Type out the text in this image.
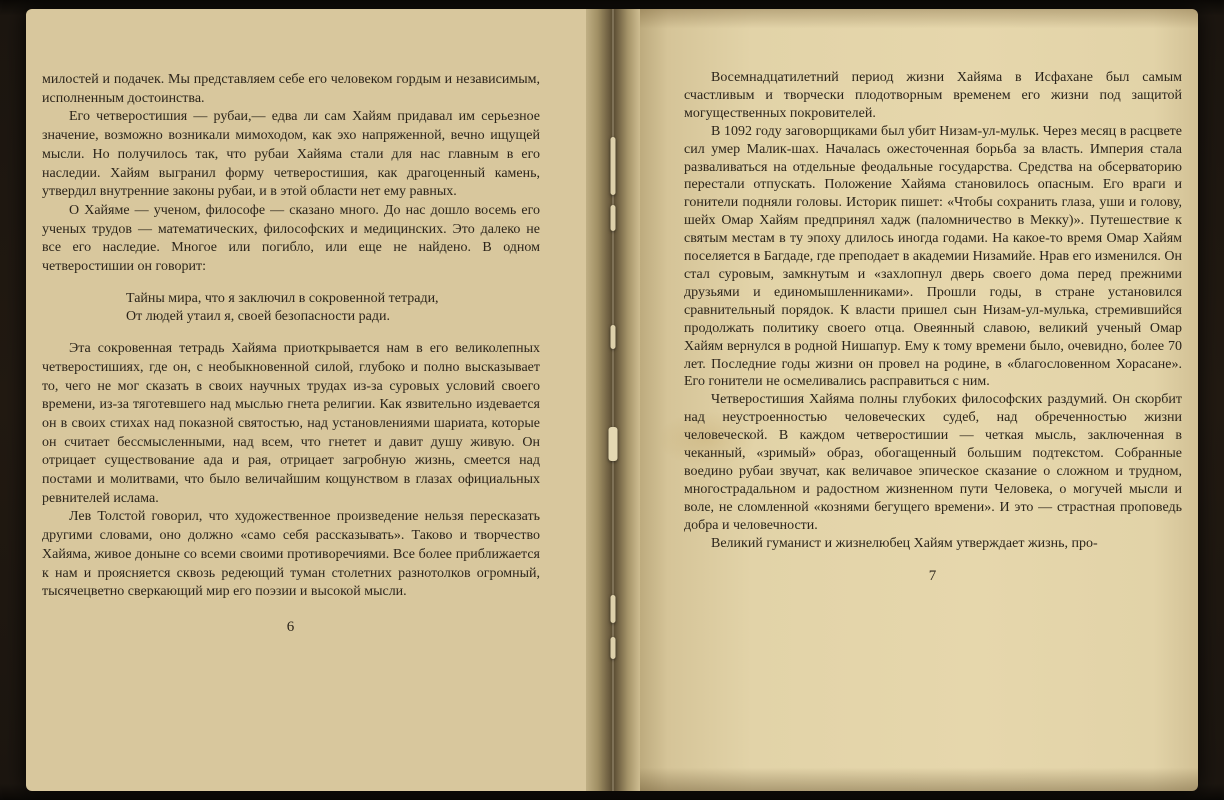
милостей и подачек. Мы представляем себе его человеком гордым и независимым, исполненным достоинства.

Его четверостишия — рубаи,— едва ли сам Хайям придавал им серьезное значение, возможно возникали мимоходом, как эхо напряженной, вечно ищущей мысли. Но получилось так, что рубаи Хайяма стали для нас главным в его наследии. Хайям выгранил форму четверостишия, как драгоценный камень, утвердил внутренние законы рубаи, и в этой области нет ему равных.

О Хайяме — ученом, философе — сказано много. До нас дошло восемь его ученых трудов — математических, философских и медицинских. Это далеко не все его наследие. Многое или погибло, или еще не найдено. В одном четверостишии он говорит:

Тайны мира, что я заключил в сокровенной тетради,

От людей утаил я, своей безопасности ради.

Эта сокровенная тетрадь Хайяма приоткрывается нам в его великолепных четверостишиях, где он, с необыкновенной силой, глубоко и полно высказывает то, чего не мог сказать в своих научных трудах из-за суровых условий своего времени, из-за тяготевшего над мыслью гнета религии. Как язвительно издевается он в своих стихах над показной святостью, над установлениями шариата, которые он считает бессмысленными, над всем, что гнетет и давит душу живую. Он отрицает существование ада и рая, отрицает загробную жизнь, смеется над постами и молитвами, что было величайшим кощунством в глазах официальных ревнителей ислама.

Лев Толстой говорил, что художественное произведение нельзя пересказать другими словами, оно должно «само себя рассказывать». Таково и творчество Хайяма, живое доныне со всеми своими противоречиями. Все более приближается к нам и проясняется сквозь редеющий туман столетних разнотолков огромный, тысячецветно сверкающий мир его поэзии и высокой мысли.

6

Восемнадцатилетний период жизни Хайяма в Исфахане был самым счастливым и творчески плодотворным временем его жизни под защитой могущественных покровителей.

В 1092 году заговорщиками был убит Низам-ул-мульк. Через месяц в расцвете сил умер Малик-шах. Началась ожесточенная борьба за власть. Империя стала разваливаться на отдельные феодальные государства. Средства на обсерваторию перестали отпускать. Положение Хайяма становилось опасным. Его враги и гонители подняли головы. Историк пишет: «Чтобы сохранить глаза, уши и голову, шейх Омар Хайям предпринял хадж (паломничество в Мекку)». Путешествие к святым местам в ту эпоху длилось иногда годами. На какое-то время Омар Хайям поселяется в Багдаде, где преподает в академии Низамийе. Нрав его изменился. Он стал суровым, замкнутым и «захлопнул дверь своего дома перед прежними друзьями и единомышленниками». Прошли годы, в стране установился сравнительный порядок. К власти пришел сын Низам-ул-мулька, стремившийся продолжать политику своего отца. Овеянный славою, великий ученый Омар Хайям вернулся в родной Нишапур. Ему к тому времени было, очевидно, более 70 лет. Последние годы жизни он провел на родине, в «благословенном Хорасане». Его гонители не осмеливались расправиться с ним.

Четверостишия Хайяма полны глубоких философских раздумий. Он скорбит над неустроенностью человеческих судеб, над обреченностью жизни человеческой. В каждом четверостишии — четкая мысль, заключенная в чеканный, «зримый» образ, обогащенный большим подтекстом. Собранные воедино рубаи звучат, как величавое эпическое сказание о сложном и трудном, многострадальном и радостном жизненном пути Человека, о могучей мысли и воле, не сломленной «кознями бегущего времени». И это — страстная проповедь добра и человечности.

Великий гуманист и жизнелюбец Хайям утверждает жизнь, про-

7
